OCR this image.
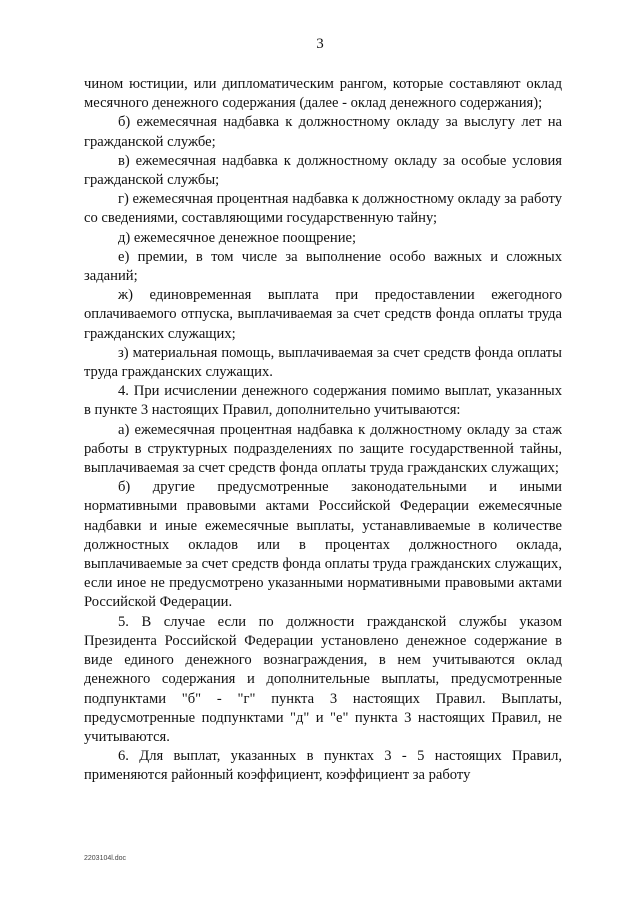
3

чином юстиции, или дипломатическим рангом, которые составляют оклад месячного денежного содержания (далее - оклад денежного содержания);

б) ежемесячная надбавка к должностному окладу за выслугу лет на гражданской службе;

в) ежемесячная надбавка к должностному окладу за особые условия гражданской службы;

г) ежемесячная процентная надбавка к должностному окладу за работу со сведениями, составляющими государственную тайну;

д) ежемесячное денежное поощрение;

е) премии, в том числе за выполнение особо важных и сложных заданий;

ж) единовременная выплата при предоставлении ежегодного оплачиваемого отпуска, выплачиваемая за счет средств фонда оплаты труда гражданских служащих;

з) материальная помощь, выплачиваемая за счет средств фонда оплаты труда гражданских служащих.

4. При исчислении денежного содержания помимо выплат, указанных в пункте 3 настоящих Правил, дополнительно учитываются:

а) ежемесячная процентная надбавка к должностному окладу за стаж работы в структурных подразделениях по защите государственной тайны, выплачиваемая за счет средств фонда оплаты труда гражданских служащих;

б) другие предусмотренные законодательными и иными нормативными правовыми актами Российской Федерации ежемесячные надбавки и иные ежемесячные выплаты, устанавливаемые в количестве должностных окладов или в процентах должностного оклада, выплачиваемые за счет средств фонда оплаты труда гражданских служащих, если иное не предусмотрено указанными нормативными правовыми актами Российской Федерации.

5. В случае если по должности гражданской службы указом Президента Российской Федерации установлено денежное содержание в виде единого денежного вознаграждения, в нем учитываются оклад денежного содержания и дополнительные выплаты, предусмотренные подпунктами "б" - "г" пункта 3 настоящих Правил. Выплаты, предусмотренные подпунктами "д" и "е" пункта 3 настоящих Правил, не учитываются.

6. Для выплат, указанных в пунктах 3 - 5 настоящих Правил, применяются районный коэффициент, коэффициент за работу

2203104l.doc
